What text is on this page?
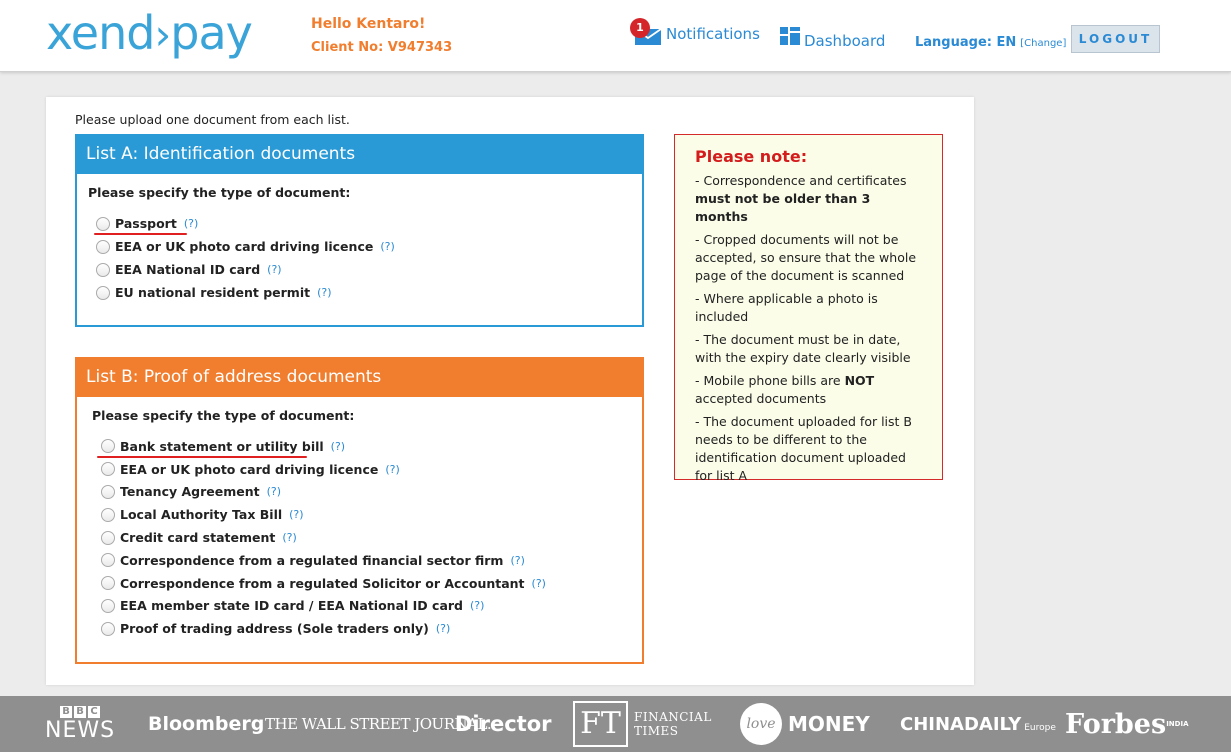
xend›pay	Hello Kentaro!
Client No: V947343
1	Notifications	Dashboard Language: EN [Change]	LOGOUT
Please upload one document from each list.
List A: Identification documents
Please specify the type of document:
Passport (?)
EEA or UK photo card driving licence (?)
EEA National ID card (?)
EU national resident permit (?)
List B: Proof of address documents
Please specify the type of document:
Bank statement or utility bill (?)
EEA or UK photo card driving licence (?)
Tenancy Agreement (?)
Local Authority Tax Bill (?)
Credit card statement (?)
Correspondence from a regulated financial sector firm (?)
Correspondence from a regulated Solicitor or Accountant (?)
EEA member state ID card / EEA National ID card (?)
Proof of trading address (Sole traders only) (?)
Please note:

- Correspondence and certificates must not be older than 3 months

- Cropped documents will not be accepted, so ensure that the whole page of the document is scanned

- Where applicable a photo is included

- The document must be in date, with the expiry date clearly visible

- Mobile phone bills are NOT accepted documents

- The document uploaded for list B needs to be different to the identification document uploaded for list A

B B C
NEWS Bloomberg THE WALL STREET JOURNAL.
Director FT	FINANCIAL
TIMES	love MONEY CHINADAILY Europe Forbes INDIA
